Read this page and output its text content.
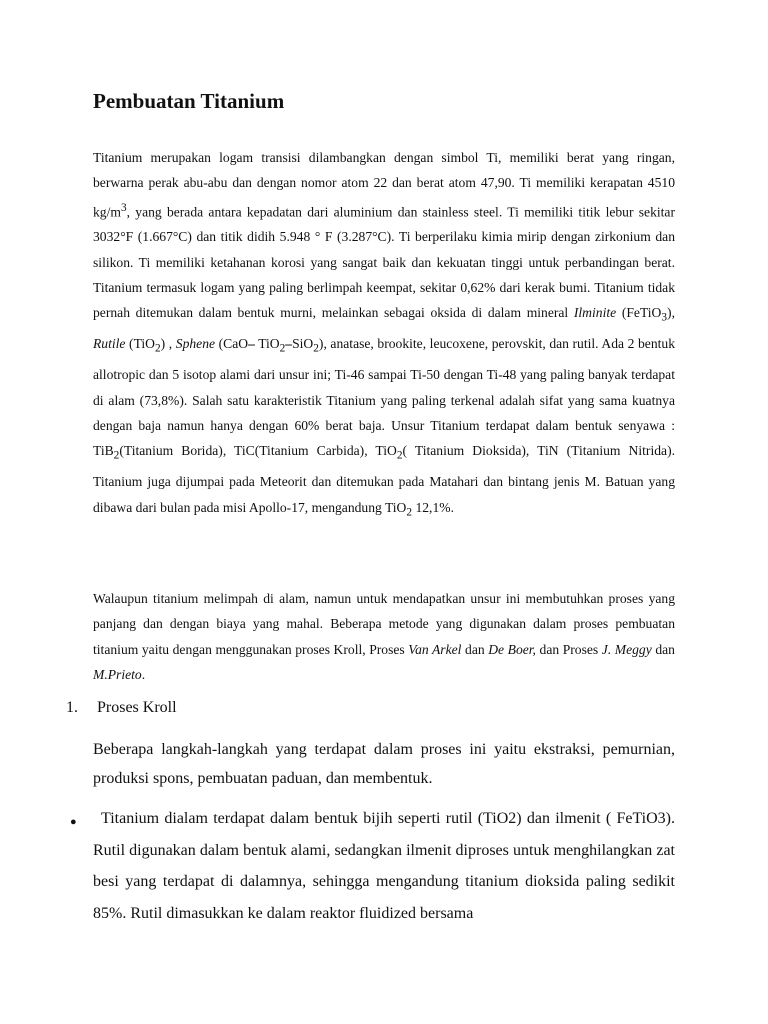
Pembuatan Titanium

Titanium merupakan logam transisi dilambangkan dengan simbol Ti, memiliki berat yang ringan, berwarna perak abu-abu dan dengan nomor atom 22 dan berat atom 47,90. Ti memiliki kerapatan 4510 $kg/m^3$, yang berada antara kepadatan dari aluminium dan stainless steel. Ti memiliki titik lebur sekitar 3032°F (1.667°C) dan titik didih 5.948 ° F (3.287°C). Ti berperilaku kimia mirip dengan zirkonium dan silikon. Ti memiliki ketahanan korosi yang sangat baik dan kekuatan tinggi untuk perbandingan berat. Titanium termasuk logam yang paling berlimpah keempat, sekitar 0,62% dari kerak bumi. Titanium tidak pernah ditemukan dalam bentuk murni, melainkan sebagai oksida di dalam mineral Ilminite (FeTiO$_3$), Rutile (TiO$_2$) , Sphene (CaO– TiO$_2$–SiO$_2$), anatase, brookite, leucoxene, perovskit, dan rutil. Ada 2 bentuk allotropic dan 5 isotop alami dari unsur ini; Ti-46 sampai Ti-50 dengan Ti-48 yang paling banyak terdapat di alam (73,8%). Salah satu karakteristik Titanium yang paling terkenal adalah sifat yang sama kuatnya dengan baja namun hanya dengan 60% berat baja. Unsur Titanium terdapat dalam bentuk senyawa : TiB$_2$(Titanium Borida), TiC(Titanium Carbida), TiO$_2$( Titanium Dioksida), TiN (Titanium Nitrida). Titanium juga dijumpai pada Meteorit dan ditemukan pada Matahari dan bintang jenis M. Batuan yang dibawa dari bulan pada misi Apollo-17, mengandung TiO$_2$ 12,1%.

Walaupun titanium melimpah di alam, namun untuk mendapatkan unsur ini membutuhkan proses yang panjang dan dengan biaya yang mahal. Beberapa metode yang digunakan dalam proses pembuatan titanium yaitu dengan menggunakan proses Kroll, Proses Van Arkel dan De Boer, dan Proses J. Meggy dan M.Prieto.

1. Proses Kroll

Beberapa langkah-langkah yang terdapat dalam proses ini yaitu ekstraksi, pemurnian, produksi spons, pembuatan paduan, dan membentuk.

●	Titanium dialam terdapat dalam bentuk bijih seperti rutil (TiO2) dan ilmenit ( FeTiO3). Rutil digunakan dalam bentuk alami, sedangkan ilmenit diproses untuk menghilangkan zat besi yang terdapat di dalamnya, sehingga mengandung titanium dioksida paling sedikit 85%. Rutil dimasukkan ke dalam reaktor fluidized bersama
